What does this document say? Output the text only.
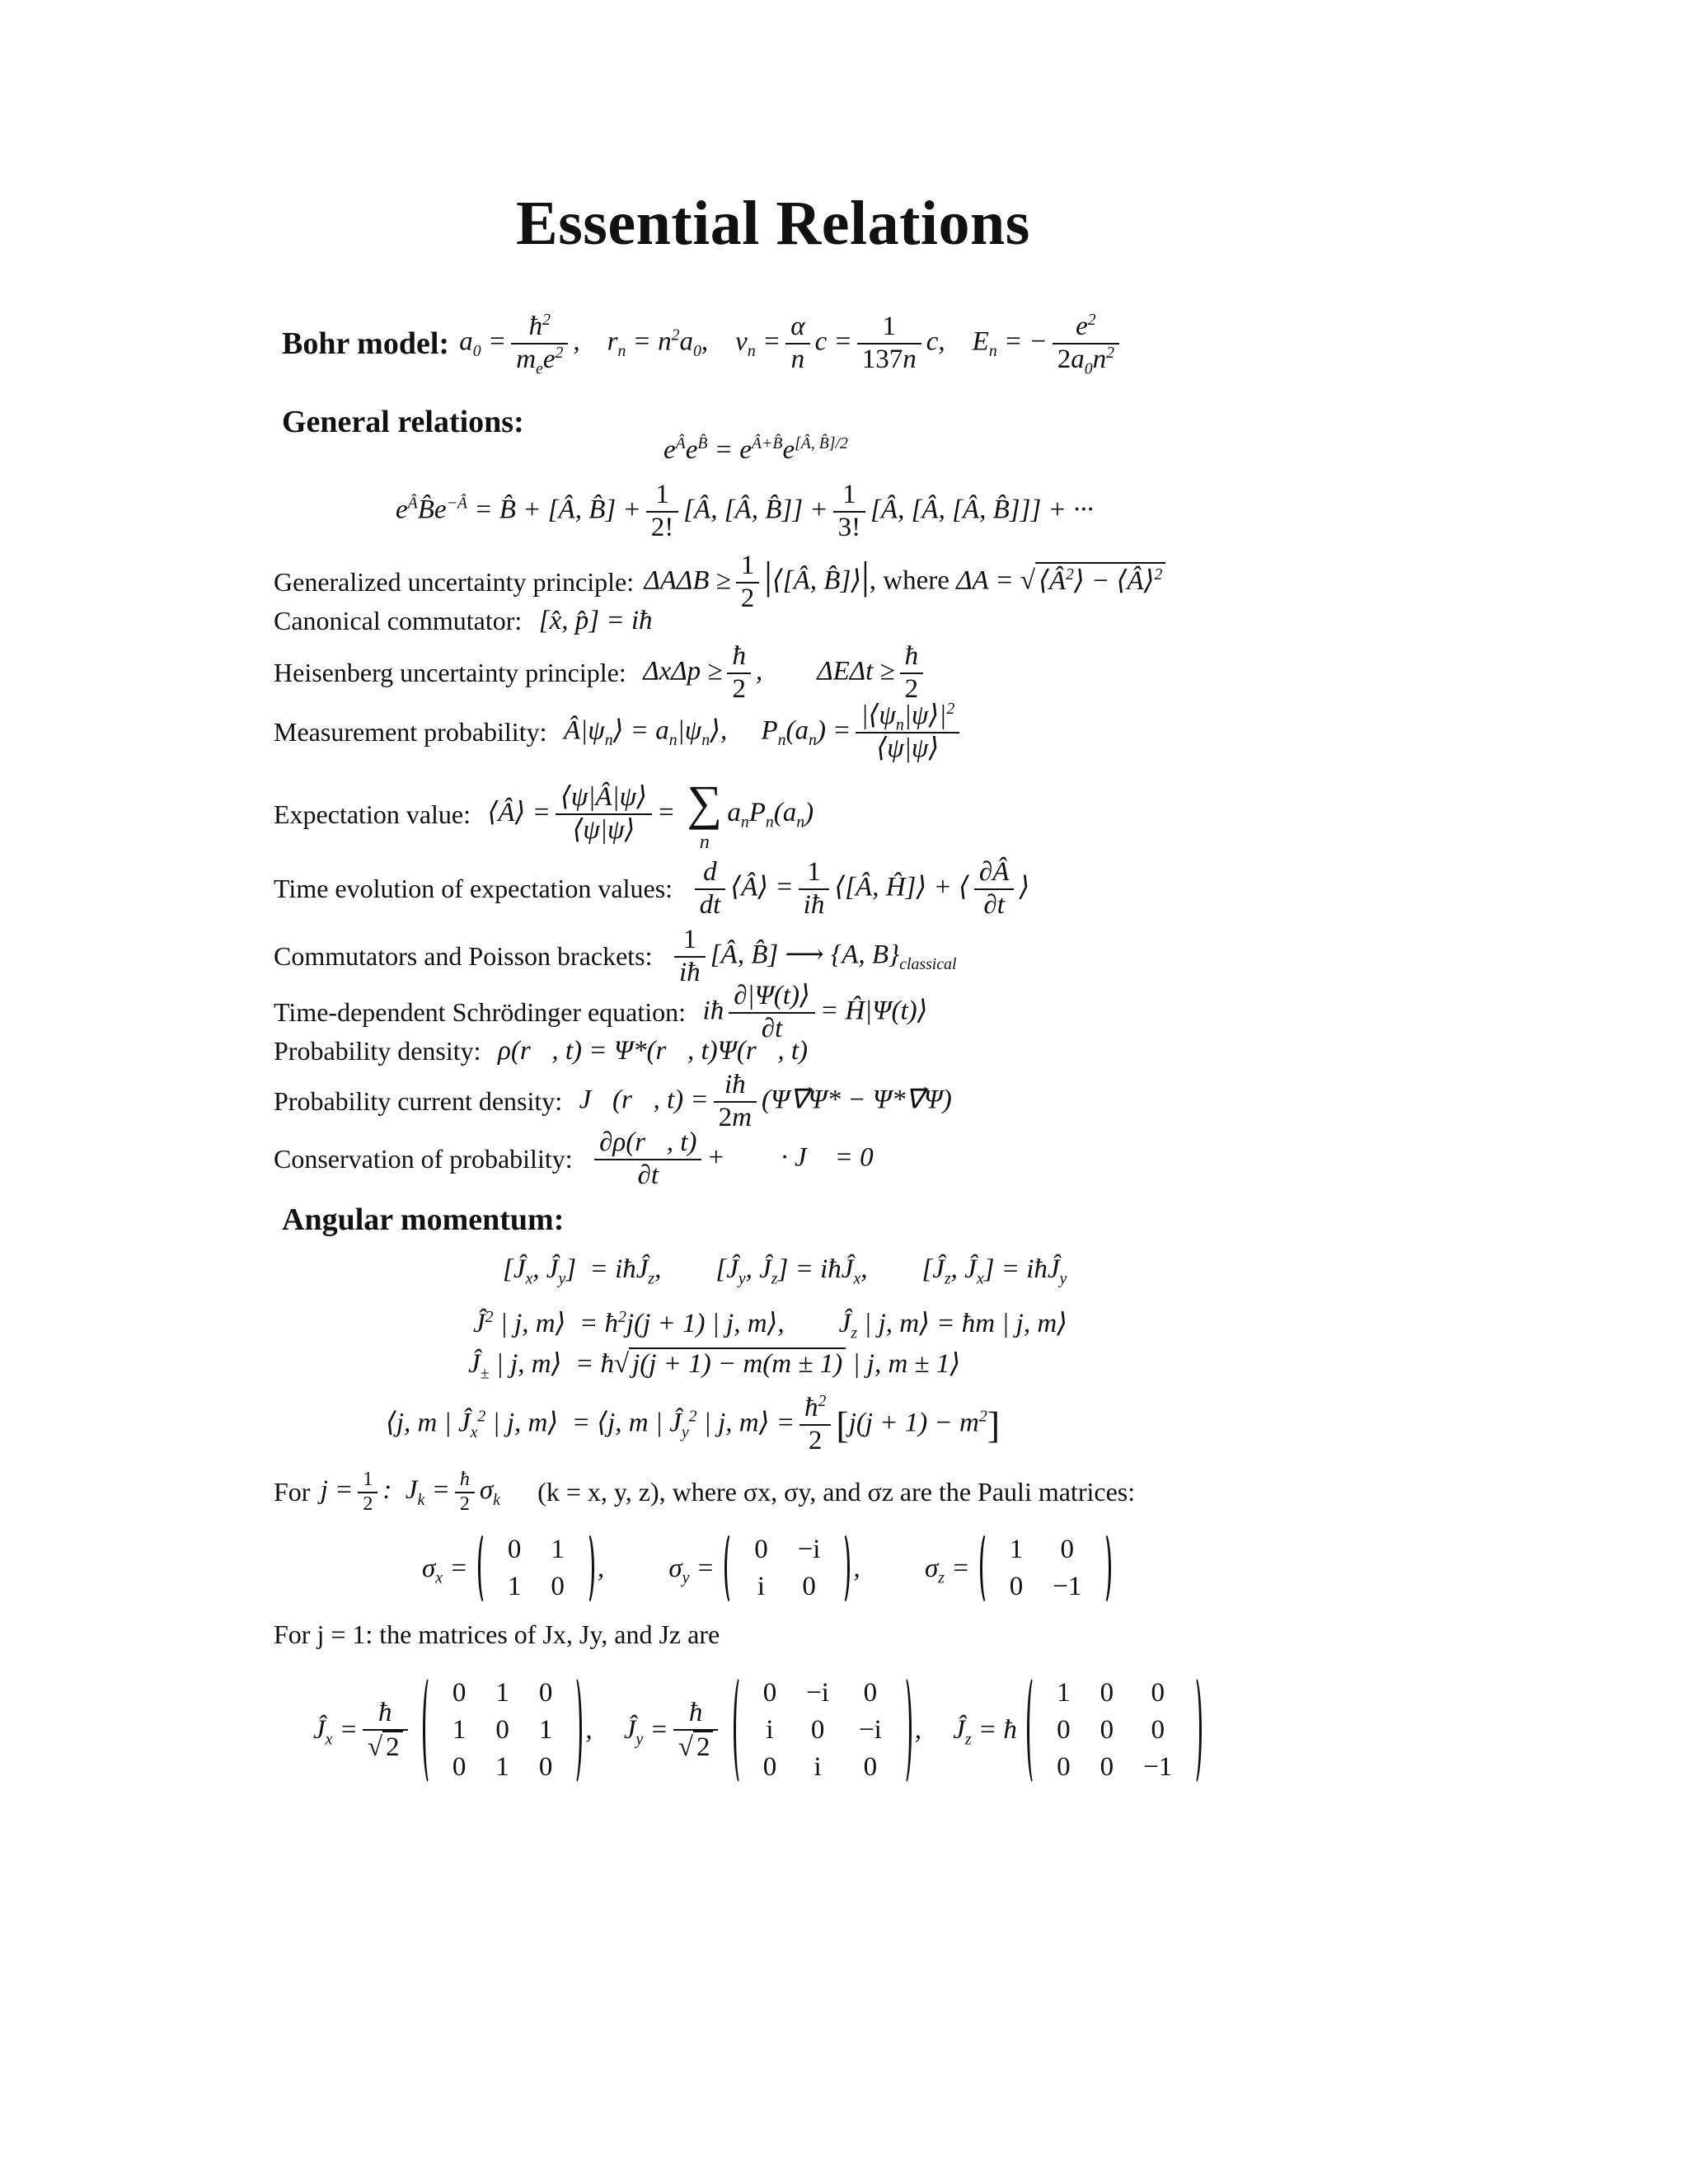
Essential Relations
Bohr model:  $a_0 = \frac{ħ^2}{m_ee^2}$ ,    $r_n = n^2a_0$,    $v_n = \frac{\alpha}{n}$ $c = \frac{1}{137n} c$,    $E_n$ = − $\frac{e^2}{2a_0n^2}$
General relations:
$e^Âe^{B̂} = e^{Â+B̂}e^{[Â, B̂]/2}$
$e^ÂB̂e^{-Â}$ = B̂ + [Â, B̂] + $\frac{1}{2!}$ [Â, [Â, B̂]] + $\frac{1}{3!}$ [Â, [Â, [Â, B̂]]] + ···
Generalized uncertainty principle:  $\Delta A\Delta B \ge \frac{1}{2}$ |⟨[Â, B̂]⟩|, where ΔA = √ $⟨Â^2⟩$ − ⟨Â⟩$^2$
Canonical commutator:   [x̂, p̂] = iħ
Heisenberg uncertainty principle:   $\Delta x\Delta p \ge \frac{ħ}{2}$ ,        $\Delta E\Delta t \ge \frac{ħ}{2}$
Measurement probability:   $Â|\psi_n⟩$ = $a_n|\psi_n⟩$,     $P_n(a_n) = \frac{|⟨\psi_n|\psi⟩|^2}{⟨\psi|\psi⟩}$
Expectation value:   ⟨Â⟩ = $\frac{⟨\psi|Â|\psi⟩}{⟨\psi|\psi⟩}$ = ∑
n
$a_nP_n(a_n)$
Time evolution of expectation values: $\frac{d}{dt}$ ⟨Â⟩ = $\frac{1}{iħ}$ ⟨[Â, Ĥ]⟩ + ⟨ $\frac{\partial Â}{\partial t}$ ⟩
Commutators and Poisson brackets: $\frac{1}{iħ}$ [Â, B̂] ⟶ {A, $B\}_{classical}$
Time-dependent Schrödinger equation:   iħ $\frac{\partial|\Psi(t)⟩}{\partial t}$ = Ĥ|Ψ(t)⟩
Probability density:   ρ(r⃗, t) = Ψ*(r⃗, t)Ψ(r⃗, t)
Probability current density:   J⃗(r⃗, $t) = \frac{iħ}{2m}$ (Ψ∇⃗Ψ* − Ψ*∇⃗Ψ)
Conservation of probability: $\frac{\partial\rho(r⃗, t)}{\partial t}$ + ∇⃗ · J⃗ = 0
Angular momentum:
[$Ĵ_x$, $Ĵ_y$]  = iħĴ$_z$,        [$Ĵ_y$, $Ĵ_z$] = iħĴ$_x$,        [$Ĵ_z$, $Ĵ_x$] = iħĴ$_y$
$Ĵ^2$ | j, m⟩  = $ħ^2j(j + 1)$ | j, m⟩,        $Ĵ_z$ | j, m⟩ = ħm | j, m⟩
$Ĵ_\pm$ | j, m⟩  = ħ√ j(j + 1) − m(m ± 1) | j, m ± 1⟩
⟨j, m | $Ĵ_x^2$ | j, m⟩  = ⟨j, m | $Ĵ_y^2$ | j, m⟩ = $\frac{ħ^2}{2} [j(j + 1) - m^2]$
For  $j = \frac{1}{2}$ :  $J_k = \frac{ħ}{2} \sigma_k$ (k = x, y, z), where σx, σy, and σz are the Pauli matrices:
$\sigma_x$ =
0	1
1	0
, $\sigma_y$ =
0	−i
i	0
, $\sigma_z$ =
1	0
0	−1
For j = 1: the matrices of Jx, Jy, and Jz are
$Ĵ_x = \frac{ħ}{√ 2}$

0	1	0
1	0	1
0	1	0
, $Ĵ_y = \frac{ħ}{√ 2}$

0	−i	0
i	0	−i
0	i	0
, $Ĵ_z$ = ħ
1	0	0
0	0	0
0	0	−1
